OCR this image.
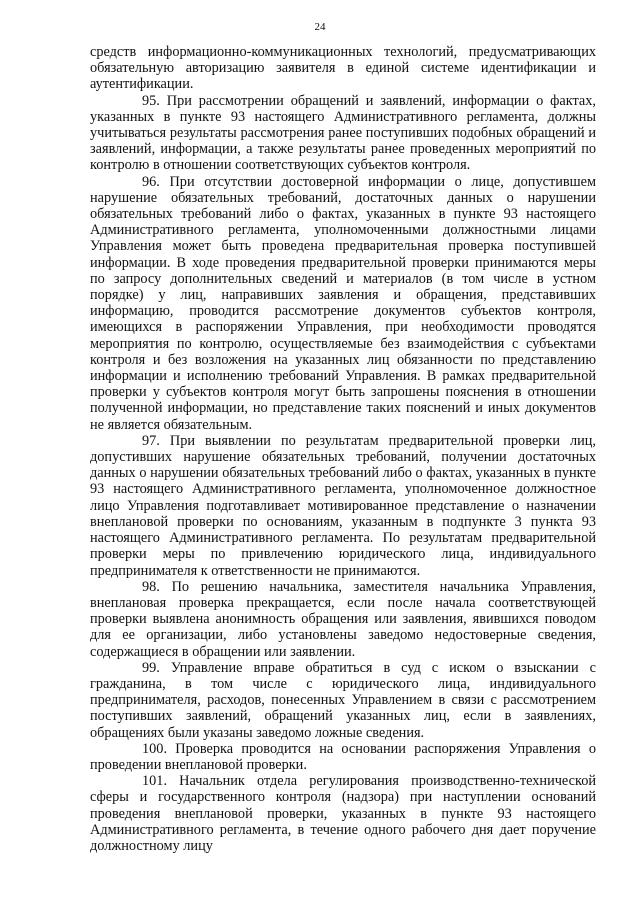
24

средств информационно-коммуникационных технологий, предусматривающих обязательную авторизацию заявителя в единой системе идентификации и аутентификации.

95. При рассмотрении обращений и заявлений, информации о фактах, указанных в пункте 93 настоящего Административного регламента, должны учитываться результаты рассмотрения ранее поступивших подобных обращений и заявлений, информации, а также результаты ранее проведенных мероприятий по контролю в отношении соответствующих субъектов контроля.

96. При отсутствии достоверной информации о лице, допустившем нарушение обязательных требований, достаточных данных о нарушении обязательных требований либо о фактах, указанных в пункте 93 настоящего Административного регламента, уполномоченными должностными лицами Управления может быть проведена предварительная проверка поступившей информации. В ходе проведения предварительной проверки принимаются меры по запросу дополнительных сведений и материалов (в том числе в устном порядке) у лиц, направивших заявления и обращения, представивших информацию, проводится рассмотрение документов субъектов контроля, имеющихся в распоряжении Управления, при необходимости проводятся мероприятия по контролю, осуществляемые без взаимодействия с субъектами контроля и без возложения на указанных лиц обязанности по представлению информации и исполнению требований Управления. В рамках предварительной проверки у субъектов контроля могут быть запрошены пояснения в отношении полученной информации, но представление таких пояснений и иных документов не является обязательным.

97. При выявлении по результатам предварительной проверки лиц, допустивших нарушение обязательных требований, получении достаточных данных о нарушении обязательных требований либо о фактах, указанных в пункте 93 настоящего Административного регламента, уполномоченное должностное лицо Управления подготавливает мотивированное представление о назначении внеплановой проверки по основаниям, указанным в подпункте 3 пункта 93 настоящего Административного регламента. По результатам предварительной проверки меры по привлечению юридического лица, индивидуального предпринимателя к ответственности не принимаются.

98. По решению начальника, заместителя начальника Управления, внеплановая проверка прекращается, если после начала соответствующей проверки выявлена анонимность обращения или заявления, явившихся поводом для ее организации, либо установлены заведомо недостоверные сведения, содержащиеся в обращении или заявлении.

99. Управление вправе обратиться в суд с иском о взыскании с гражданина, в том числе с юридического лица, индивидуального предпринимателя, расходов, понесенных Управлением в связи с рассмотрением поступивших заявлений, обращений указанных лиц, если в заявлениях, обращениях были указаны заведомо ложные сведения.

100. Проверка проводится на основании распоряжения Управления о проведении внеплановой проверки.

101. Начальник отдела регулирования производственно-технической сферы и государственного контроля (надзора) при наступлении оснований проведения внеплановой проверки, указанных в пункте 93 настоящего Административного регламента, в течение одного рабочего дня дает поручение должностному лицу
